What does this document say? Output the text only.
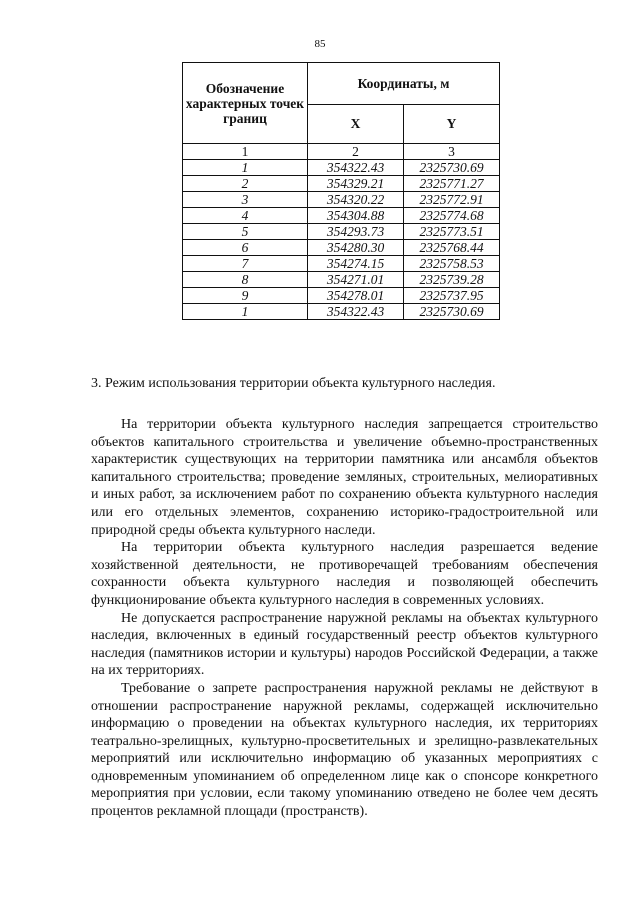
85
Обозначение характерных точек границ	Координаты, м	
	X	Y
1	2	3
1	354322.43	2325730.69
2	354329.21	2325771.27
3	354320.22	2325772.91
4	354304.88	2325774.68
5	354293.73	2325773.51
6	354280.30	2325768.44
7	354274.15	2325758.53
8	354271.01	2325739.28
9	354278.01	2325737.95
1	354322.43	2325730.69
3. Режим использования территории объекта культурного наследия.

На территории объекта культурного наследия запрещается строительство объектов капитального строительства и увеличение объемно-пространственных характеристик существующих на территории памятника или ансамбля объектов капитального строительства; проведение земляных, строительных, мелиоративных и иных работ, за исключением работ по сохранению объекта культурного наследия или его отдельных элементов, сохранению историко-градостроительной или природной среды объекта культурного наследи.

На территории объекта культурного наследия разрешается ведение хозяйственной деятельности, не противоречащей требованиям обеспечения сохранности объекта культурного наследия и позволяющей обеспечить функционирование объекта культурного наследия в современных условиях.

Не допускается распространение наружной рекламы на объектах культурного наследия, включенных в единый государственный реестр объектов культурного наследия (памятников истории и культуры) народов Российской Федерации, а также на их территориях.

Требование о запрете распространения наружной рекламы не действуют в отношении распространение наружной рекламы, содержащей исключительно информацию о проведении на объектах культурного наследия, их территориях театрально-зрелищных, культурно-просветительных и зрелищно-развлекательных мероприятий или исключительно информацию об указанных мероприятиях с одновременным упоминанием об определенном лице как о спонсоре конкретного мероприятия при условии, если такому упоминанию отведено не более чем десять процентов рекламной площади (пространств).
